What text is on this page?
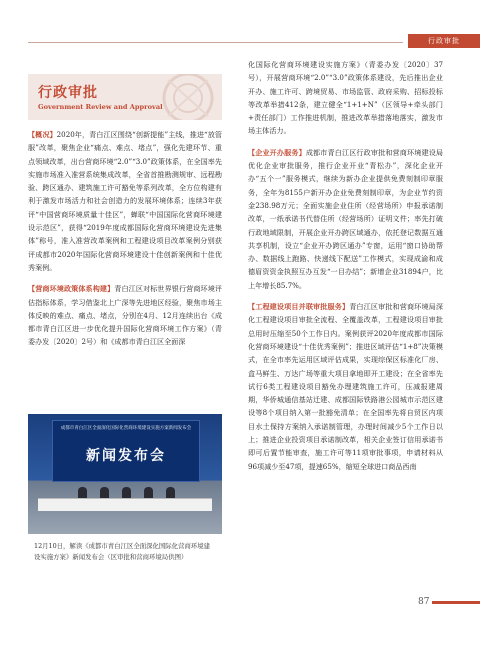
行政审批
行政审批
Government Review and Approval

【概况】2020年，青白江区围绕“创新提能”主线，推进“放管服”改革，聚焦企业“痛点、难点、堵点”，强化先建环节、重点领域改革，出台营商环境“2.0”“3.0”政策体系，在全国率先实施市场准入准营系统集成改革，全省首推勘测规审、远程勘验、跨区通办、建筑施工许可豁免等系列改革，全方位构建有利于激发市场活力和社会创造力的发展环境体系；连续3年获评“中国营商环境质量十佳区”，蝉联“中国国际化营商环境建设示范区”，获得“2019年度成都国际化营商环境建设先进集体”称号，准入准营改革案例和工程建设项目改革案例分别获评成都市2020年国际化营商环境建设十佳创新案例和十佳优秀案例。

【营商环境政策体系构建】青白江区对标世界银行营商环境评估指标体系，学习借鉴北上广深等先进地区经验，聚焦市场主体反映的难点、痛点、堵点，分别在4月、12月连续出台《成都市青白江区进一步优化提升国际化营商环境工作方案》（青委办发〔2020〕2号）和《成都市青白江区全面深

成都市青白江区全面深化国际化营商环境建设实施方案新闻发布会
新闻发布会
12月10日，解读《成都市青白江区全面深化国际化营商环境建设实施方案》新闻发布会（区审批和营商环境局供图）

化国际化营商环境建设实施方案》（青委办发〔2020〕37号），开展营商环境“2.0”“3.0”政策体系建设，先后推出企业开办、施工许可、跨境贸易、市场监管、政府采购、招标投标等改革举措412条，建立健全“1+1+N”（区领导+牵头部门+责任部门）工作推进机制，推进改革举措落地落实，激发市场主体活力。

【企业开办服务】成都市青白江区行政审批和营商环境建设局优化企业审批服务，推行企业开业“青松办”，深化企业开办“五个一”服务模式，继续为新办企业提供免费刻制印章服务，全年为8155户新开办企业免费刻制印章，为企业节约资金238.98万元；全面实施企业住所（经营场所）申报承诺制改革，一纸承诺书代替住所（经营场所）证明文件；率先打破行政地域限制，开展企业开办跨区域通办，依托登记数据互通共享机制，设立“企业开办跨区通办”专窗，运用“窗口协助帮办、数据线上跑路、快递线下配送”工作模式，实现成渝和成德眉资资金执照互办互发“一目办结”；新增企业31894户，比上年增长85.7%。

【工程建设项目并联审批服务】青白江区审批和营商环境局深化工程建设项目审批全流程、全覆盖改革，工程建设项目审批总用时压缩至50个工作日内。案例获评2020年度成都市国际化营商环境建设“十佳优秀案例”；推进区域评估“1+8”决策模式，在全市率先运用区域评估成果，实现综保区标准化厂房、盒马鲜生、万达广场等重大项目拿地即开工建设；在全省率先试行6类工程建设项目豁免办理建筑施工许可，压减报建周期，华侨城通信基站迁建、成都国际铁路港公园城市示范区建设等8个项目纳入第一批豁免清单；在全国率先将自贸区内项目水土保持方案纳入承诺制管理，办理时间减少5个工作日以上；推进企业投资项目承诺制改革，相关企业签订信用承诺书即可后置节能审查，施工许可等11项审批事项，申请材料从96项减少至47项，提速65%，缩短全球进口商品西南

87
